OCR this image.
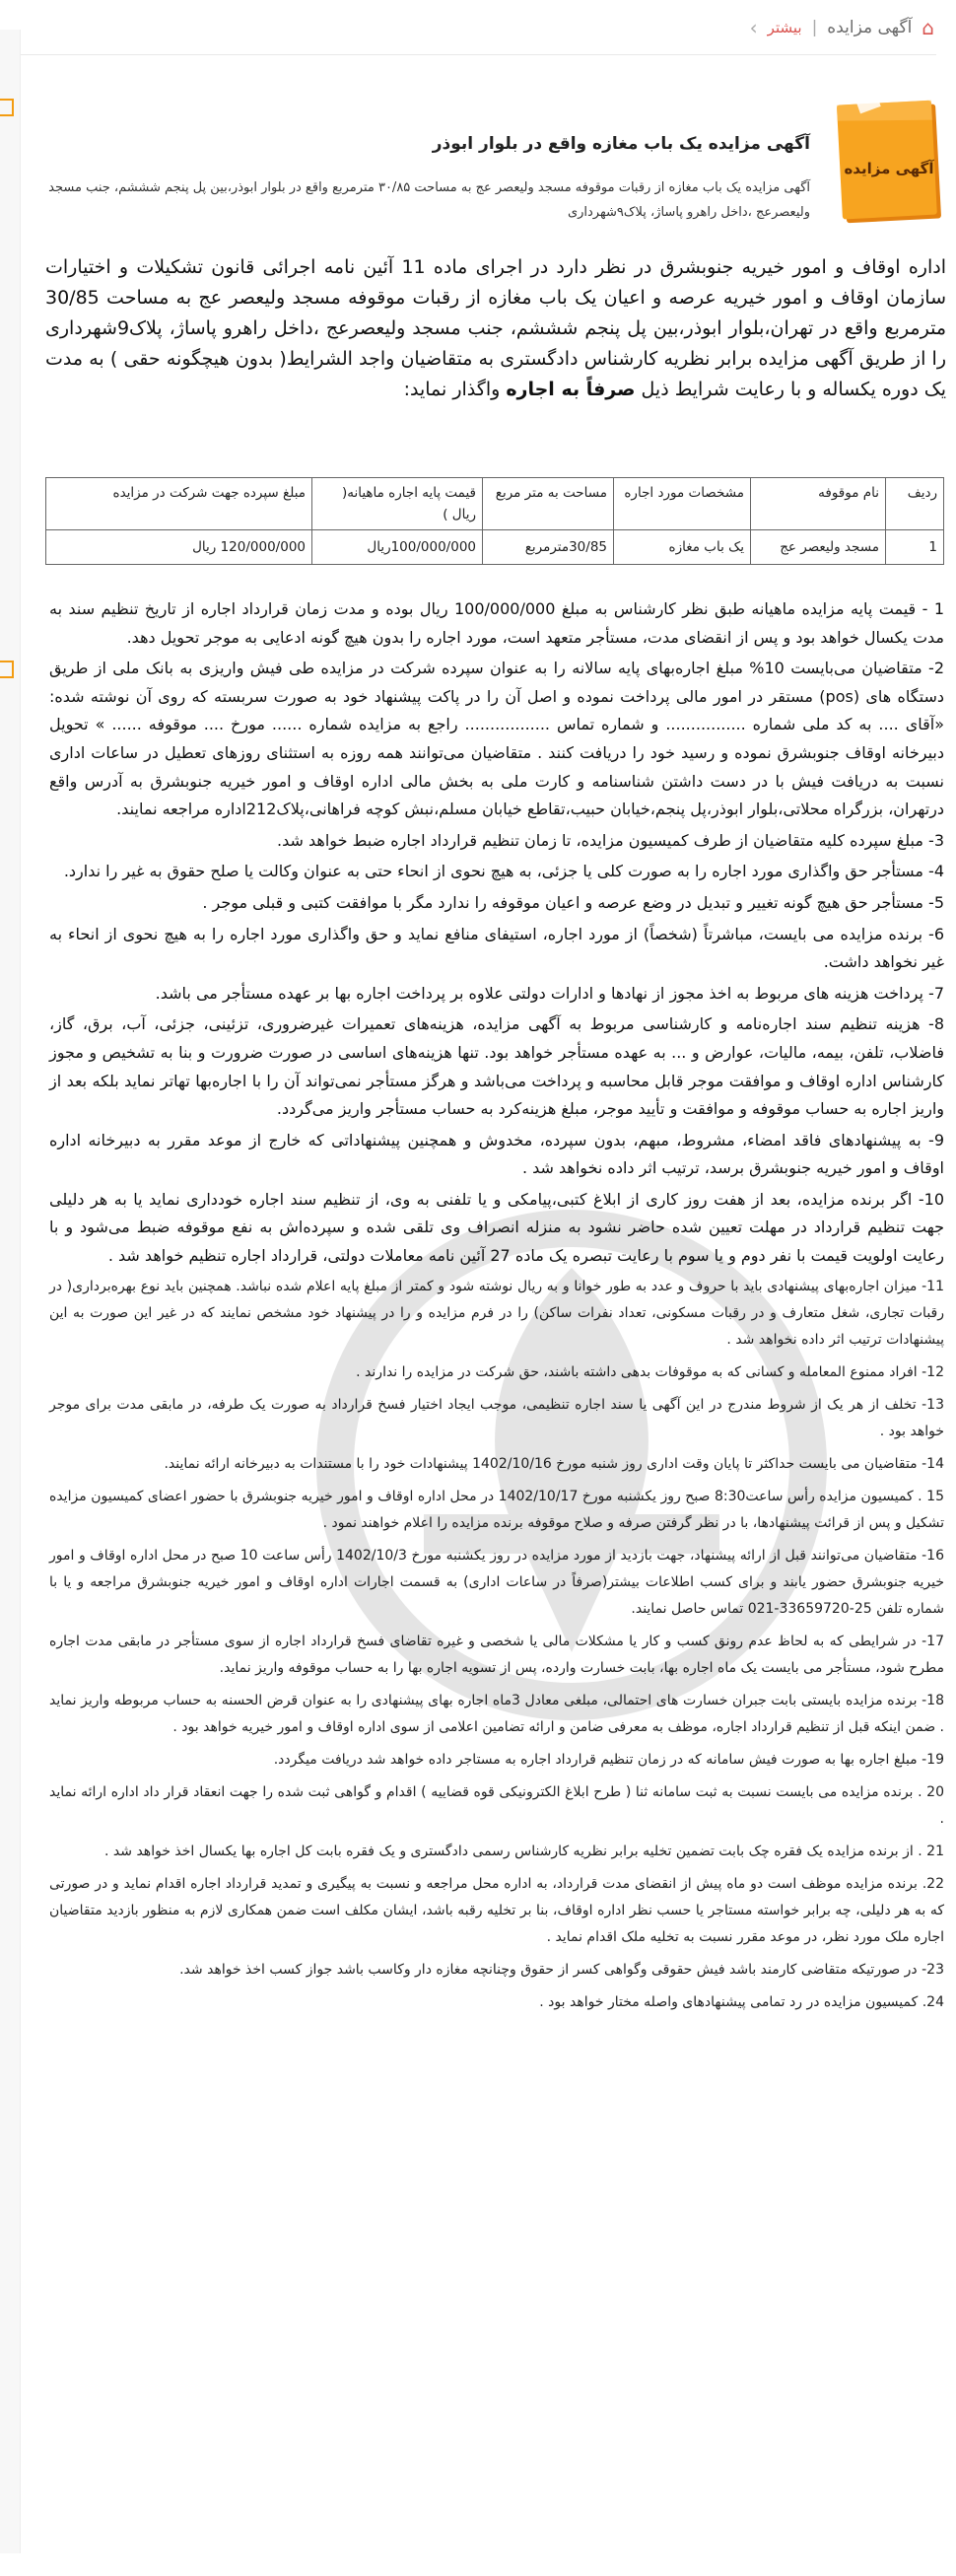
⌂
آگهی مزایده
|
بیشتر
›
آگهی مزایده
آگهی مزایده یک باب مغازه واقع در بلوار ابوذر
آگهی مزایده یک باب مغازه از رقبات موقوفه مسجد ولیعصر عج به مساحت ۳۰/۸۵ مترمربع واقع در بلوار ابوذر،بین پل پنجم شششم، جنب مسجد ولیعصرعج ،داخل راهرو پاساژ، پلاک۹شهرداری
اداره اوقاف و امور خیریه جنوبشرق در نظر دارد در اجرای ماده 11 آئین نامه اجرائی قانون تشکیلات و اختیارات سازمان اوقاف و امور خیریه عرصه و اعیان یک باب مغازه از رقبات موقوفه مسجد ولیعصر عج به مساحت 30/85 مترمربع واقع در تهران،بلوار ابوذر،بین پل پنجم شششم، جنب مسجد ولیعصرعج ،داخل راهرو پاساژ، پلاک9شهرداری را از طریق آگهی مزایده برابر نظریه کارشناس دادگستری به متقاضیان واجد الشرایط( بدون هیچگونه حقی ) به مدت یک دوره یکساله و با رعایت شرایط ذیل صرفاً به اجاره واگذار نماید:
ردیف	نام موقوفه	مشخصات مورد اجاره	مساحت به متر مربع	قیمت پایه اجاره ماهیانه( ریال )	مبلغ سپرده جهت شرکت در مزایده
1	مسجد ولیعصر عج	یک باب مغازه	30/85مترمربع	100/000/000ریال	120/000/000 ریال

1 - قیمت پایه مزایده ماهیانه طبق نظر کارشناس به مبلغ 100/000/000 ریال بوده و مدت زمان قرارداد اجاره از تاریخ تنظیم سند به مدت یکسال خواهد بود و پس از انقضای مدت، مستأجر متعهد است، مورد اجاره را بدون هیچ گونه ادعایی به موجر تحویل دهد.

2- متقاضیان می‌بایست 10% مبلغ اجاره‌بهای پایه سالانه را به عنوان سپرده شرکت در مزایده طی فیش واریزی به بانک ملی از طریق دستگاه های (pos) مستقر در امور مالی پرداخت نموده و اصل آن را در پاکت پیشنهاد خود به صورت سربسته که روی آن نوشته شده: «آقای .... به کد ملی شماره ................ و شماره تماس ................. راجع به مزایده شماره ...... مورخ .... موقوفه ...... » تحویل دبیرخانه اوقاف جنوبشرق نموده و رسید خود را دریافت کنند . متقاضیان می‌توانند همه روزه به استثنای روزهای تعطیل در ساعات اداری نسبت به دریافت فیش با در دست داشتن شناسنامه و کارت ملی به بخش مالی اداره اوقاف و امور خیریه جنوبشرق به آدرس واقع درتهران، بزرگراه محلاتی،بلوار ابوذر،پل پنجم،خیابان حبیب،تقاطع خیابان مسلم،نبش کوچه فراهانی،پلاک212اداره مراجعه نمایند.

3- مبلغ سپرده کلیه متقاضیان از طرف کمیسیون مزایده، تا زمان تنظیم قرارداد اجاره ضبط خواهد شد.

4- مستأجر حق واگذاری مورد اجاره را به صورت کلی یا جزئی، به هیچ نحوی از انحاء حتی به عنوان وکالت یا صلح حقوق به غیر را ندارد.

5- مستأجر حق هیچ گونه تغییر و تبدیل در وضع عرصه و اعیان موقوفه را ندارد مگر با موافقت کتبی و قبلی موجر .

6- برنده مزایده می بایست، مباشرتاً (شخصاً) از مورد اجاره، استیفای منافع نماید و حق واگذاری مورد اجاره را به هیچ نحوی از انحاء به غیر نخواهد داشت.

7- پرداخت هزینه های مربوط به اخذ مجوز از نهادها و ادارات دولتی علاوه بر پرداخت اجاره بها بر عهده مستأجر می باشد.

8- هزینه تنظیم سند اجاره‌نامه و کارشناسی مربوط به آگهی مزایده، هزینه‌های تعمیرات غیرضروری، تزئینی، جزئی، آب، برق، گاز، فاضلاب، تلفن، بیمه، مالیات، عوارض و ... به عهده مستأجر خواهد بود. تنها هزینه‌های اساسی در صورت ضرورت و بنا به تشخیص و مجوز کارشناس اداره اوقاف و موافقت موجر قابل محاسبه و پرداخت می‌باشد و هرگز مستأجر نمی‌تواند آن را با اجاره‌بها تهاتر نماید بلکه بعد از واریز اجاره به حساب موقوفه و موافقت و تأیید موجر، مبلغ هزینه‌کرد به حساب مستأجر واریز می‌گردد.

9- به پیشنهادهای فاقد امضاء، مشروط، مبهم، بدون سپرده، مخدوش و همچنین پیشنهاداتی که خارج از موعد مقرر به دبیرخانه اداره اوقاف و امور خیریه جنوبشرق برسد، ترتیب اثر داده نخواهد شد .

10- اگر برنده مزایده، بعد از هفت روز کاری از ابلاغ کتبی،پیامکی و یا تلفنی به وی، از تنظیم سند اجاره خودداری نماید یا به هر دلیلی جهت تنظیم قرارداد در مهلت تعیین شده حاضر نشود به منزله انصراف وی تلقی شده و سپرده‌اش به نفع موقوفه ضبط می‌شود و با رعایت اولویت قیمت با نفر دوم و یا سوم با رعایت تبصره یک ماده 27 آئین نامه معاملات دولتی، قرارداد اجاره تنظیم خواهد شد .

11- میزان اجاره‌بهای پیشنهادی باید با حروف و عدد به طور خوانا و به ریال نوشته شود و کمتر از مبلغ پایه اعلام شده نباشد. همچنین باید نوع بهره‌برداری( در رقبات تجاری، شغل متعارف و در رقبات مسکونی، تعداد نفرات ساکن) را در فرم مزایده و را در پیشنهاد خود مشخص نمایند که در غیر این صورت به این پیشنهادات ترتیب اثر داده نخواهد شد .

12- افراد ممنوع المعامله و کسانی که به موقوفات بدهی داشته باشند، حق شرکت در مزایده را ندارند .

13- تخلف از هر یک از شروط مندرج در این آگهی یا سند اجاره تنظیمی، موجب ایجاد اختیار فسخ قرارداد به صورت یک طرفه، در مابقی مدت برای موجر خواهد بود .

14- متقاضیان می بایست حداکثر تا پایان وقت اداری روز شنبه مورخ 1402/10/16 پیشنهادات خود را با مستندات به دبیرخانه ارائه نمایند.

15 . کمیسیون مزایده رأس ساعت8:30 صبح روز یکشنبه مورخ 1402/10/17 در محل اداره اوقاف و امور خیریه جنوبشرق با حضور اعضای کمیسیون مزایده تشکیل و پس از قرائت پیشنهادها، با در نظر گرفتن صرفه و صلاح موقوفه برنده مزایده را اعلام خواهند نمود .

16- متقاضیان می‌توانند قبل از ارائه پیشنهاد، جهت بازدید از مورد مزایده در روز یکشنبه مورخ 1402/10/3 رأس ساعت 10 صبح در محل اداره اوقاف و امور خیریه جنوبشرق حضور یابند و برای کسب اطلاعات بیشتر(صرفاً در ساعات اداری) به قسمت اجارات اداره اوقاف و امور خیریه جنوبشرق مراجعه و یا با شماره تلفن 25-33659720-021 تماس حاصل نمایند.

17- در شرایطی که به لحاظ عدم رونق کسب و کار یا مشکلات مالی یا شخصی و غیره تقاضای فسخ قرارداد اجاره از سوی مستأجر در مابقی مدت اجاره مطرح شود، مستأجر می بایست یک ماه اجاره بها، بابت خسارت وارده، پس از تسویه اجاره بها را به حساب موقوفه واریز نماید.

18- برنده مزایده بایستی بابت جبران خسارت های احتمالی، مبلغی معادل 3ماه اجاره بهای پیشنهادی را به عنوان قرض الحسنه به حساب مربوطه واریز نماید . ضمن اینکه قبل از تنظیم قرارداد اجاره، موظف به معرفی ضامن و ارائه تضامین اعلامی از سوی اداره اوقاف و امور خیریه خواهد بود .

19- مبلغ اجاره بها به صورت فیش سامانه که در زمان تنظیم قرارداد اجاره به مستاجر داده خواهد شد دریافت میگردد.

20 . برنده مزایده می بایست نسبت به ثبت سامانه ثنا ( طرح ابلاغ الکترونیکی قوه قضاییه ) اقدام و گواهی ثبت شده را جهت انعقاد قرار داد اداره ارائه نماید .

21 . از برنده مزایده یک فقره چک بابت تضمین تخلیه برابر نظریه کارشناس رسمی دادگستری و یک فقره بابت کل اجاره بها یکسال اخذ خواهد شد .

22. برنده مزایده موظف است دو ماه پیش از انقضای مدت قرارداد، به اداره محل مراجعه و نسبت به پیگیری و تمدید قرارداد اجاره اقدام نماید و در صورتی که به هر دلیلی، چه برابر خواسته مستاجر یا حسب نظر اداره اوقاف، بنا بر تخلیه رقبه باشد، ایشان مکلف است ضمن همکاری لازم به منظور بازدید متقاضیان اجاره ملک مورد نظر، در موعد مقرر نسبت به تخلیه ملک اقدام نماید .

23- در صورتیکه متقاضی کارمند باشد فیش حقوقی وگواهی کسر از حقوق وچنانچه مغازه دار وکاسب باشد جواز کسب اخذ خواهد شد.

24. کمیسیون مزایده در رد تمامی پیشنهادهای واصله مختار خواهد بود .
